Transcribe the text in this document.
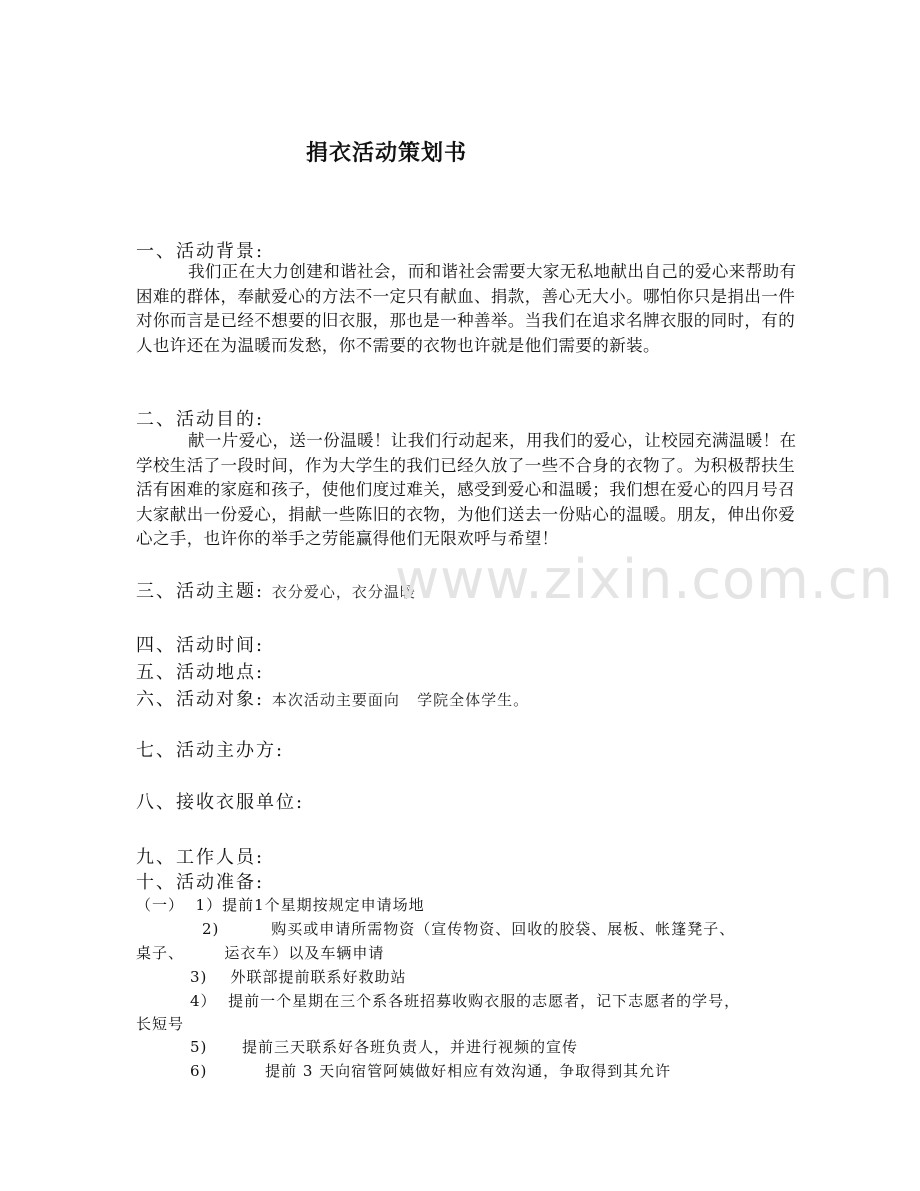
捐衣活动策划书
一、活动背景:
我们正在大力创建和谐社会，而和谐社会需要大家无私地献出自己的爱心来帮助有困难的群体，奉献爱心的方法不一定只有献血、捐款，善心无大小。哪怕你只是捐出一件对你而言是已经不想要的旧衣服，那也是一种善举。当我们在追求名牌衣服的同时，有的人也许还在为温暖而发愁，你不需要的衣物也许就是他们需要的新装。
二、活动目的:
献一片爱心，送一份温暖！让我们行动起来，用我们的爱心，让校园充满温暖！在学校生活了一段时间，作为大学生的我们已经久放了一些不合身的衣物了。为积极帮扶生活有困难的家庭和孩子，使他们度过难关，感受到爱心和温暖；我们想在爱心的四月号召大家献出一份爱心，捐献一些陈旧的衣物，为他们送去一份贴心的温暖。朋友，伸出你爱心之手，也许你的举手之劳能赢得他们无限欢呼与希望！
三、活动主题: 衣分爱心，衣分温暖
四、活动时间:
五、活动地点:
六、活动对象: 本次活动主要面向   学院全体学生。
七、活动主办方:
八、接收衣服单位:
九、工作人员:
十、活动准备:
（一）  1）提前1个星期按规定申请场地
2)         购买或申请所需物资（宣传物资、回收的胶袋、展板、帐篷凳子、
桌子、       运衣车）以及车辆申请
3)    外联部提前联系好救助站
4）  提前一个星期在三个系各班招募收购衣服的志愿者，记下志愿者的学号，
长短号
5)      提前三天联系好各班负责人，并进行视频的宣传
6)          提前 3 天向宿管阿姨做好相应有效沟通，争取得到其允许
www.zixin.com.cn
